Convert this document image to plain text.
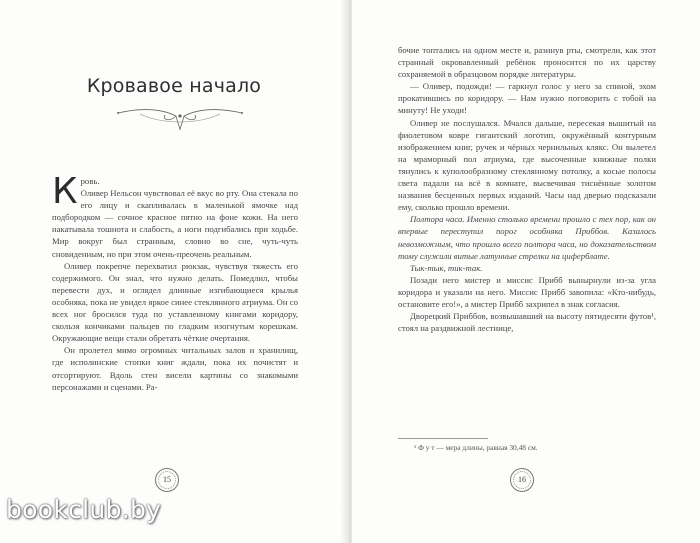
Кровавое начало

Кровь.

Оливер Нельсон чувствовал её вкус во рту. Она стекала по его лицу и скапливалась в маленькой ямочке над подбородком — сочное красное пятно на фоне кожи. На него накатывала тошнота и слабость, а ноги подгибались при ходьбе. Мир вокруг был странным, словно во сне, чуть-чуть сновиденным, но при этом очень-преочень реальным.

Оливер покрепче перехватил рюкзак, чувствуя тяжесть его содержимого. Он знал, что нужно делать. Помедлил, чтобы перевести дух, и оглядел длинные изгибающиеся крылья особняка, пока не увидел яркое синее стеклянного атриума. Он со всех ног бросился туда по уставленному книгами коридору, скользя кончиками пальцев по гладким изогнутым корешкам. Окружающие вещи стали обретать чёткие очертания.

Он пролетел мимо огромных читальных залов и хранилищ, где исполинские стопки книг ждали, пока их почистят и отсортируют. Вдоль стен висели картины со знакомыми персонажами и сценами. Ра-

15

бочие топтались на одном месте и, разинув рты, смотрели, как этот странный окровавленный ребёнок проносится по их царству сохраняемой в образцовом порядке литературы.

— Оливер, подожди! — гаркнул голос у него за спиной, эхом прокатившись по коридору. — Нам нужно поговорить с тобой на минуту! Не уходи!

Оливер не послушался. Мчался дальше, пересекая вышитый на фиолетовом ковре гигантский логотип, окружённый контурным изображением книг, ручек и чёрных чернильных клякс. Он вылетел на мраморный пол атриума, где высоченные книжные полки тянулись к куполообразному стеклянному потолку, а косые полосы света падали на всё в комнате, высвечивая тиснённые золотом названия бесценных первых изданий. Часы над дверью подсказали ему, сколько прошло времени.

Полтора часа. Именно столько времени прошло с тех пор, как он впервые переступил порог особняка Приббов. Казалось невозможным, что прошло всего полтора часа, но доказательством тому служили витые латунные стрелки на циферблате.

Тык-тык, тик-так.

Позади него мистер и миссис Прибб вынырнули из-за угла коридора и указали на него. Миссис Прибб завопила: «Кто-нибудь, остановите его!», а мистер Прибб захрипел в знак согласия.

Дворецкий Приббов, возвышавший на высоту пятидесяти футов¹, стоял на раздвижной лестнице,

¹ Ф у т — мера длины, равная 30,48 см.
16

bookclub.by
